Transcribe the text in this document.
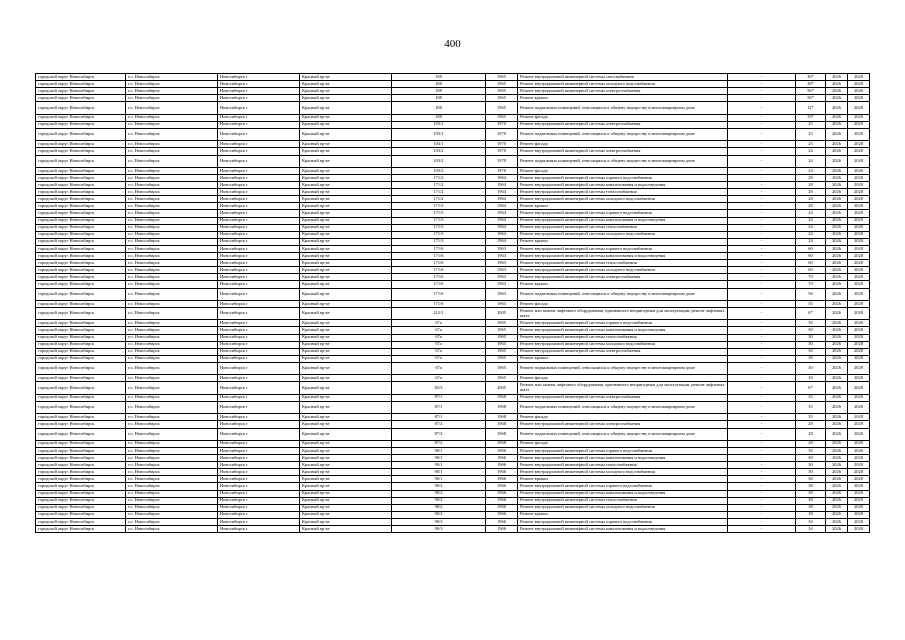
400
городской округ Новосибирск	г.о. Новосибирск	Новосибирск г	Красный пр-кт	188	1965	Ремонт внутридомовой инженерной системы газоснабжения	-	30*	2026	2028
городской округ Новосибирск	г.о. Новосибирск	Новосибирск г	Красный пр-кт	188	1965	Ремонт внутридомовой инженерной системы холодного водоснабжения	-	30*	2026	2028
городской округ Новосибирск	г.о. Новосибирск	Новосибирск г	Красный пр-кт	188	1965	Ремонт внутридомовой инженерной системы электроснабжения	-	56*	2026	2028
городской округ Новосибирск	г.о. Новосибирск	Новосибирск г	Красный пр-кт	188	1965	Ремонт крыши	-	56*	2026	2028
городской округ Новосибирск	г.о. Новосибирск	Новосибирск г	Красный пр-кт	188	1965	Ремонт подвальных помещений, относящихся к общему имуществу в многоквартирном доме	-	12*	2026	2028
городской округ Новосибирск	г.о. Новосибирск	Новосибирск г	Красный пр-кт	188	1965	Ремонт фасада	-	33*	2026	2028
городской округ Новосибирск	г.о. Новосибирск	Новосибирск г	Красный пр-кт	103/1	1970	Ремонт внутридомовой инженерной системы электроснабжения	-	25	2026	2028
городской округ Новосибирск	г.о. Новосибирск	Новосибирск г	Красный пр-кт	103/1	1970	Ремонт подвальных помещений, относящихся к общему имуществу в многоквартирном доме	-	25	2026	2028
городской округ Новосибирск	г.о. Новосибирск	Новосибирск г	Красный пр-кт	103/1	1970	Ремонт фасада	-	25	2026	2028
городской округ Новосибирск	г.о. Новосибирск	Новосибирск г	Красный пр-кт	103/2	1970	Ремонт внутридомовой инженерной системы электроснабжения	-	24	2026	2028
городской округ Новосибирск	г.о. Новосибирск	Новосибирск г	Красный пр-кт	103/2	1970	Ремонт подвальных помещений, относящихся к общему имуществу в многоквартирном доме	-	24	2026	2028
городской округ Новосибирск	г.о. Новосибирск	Новосибирск г	Красный пр-кт	103/2	1970	Ремонт фасада	-	24	2026	2028
городской округ Новосибирск	г.о. Новосибирск	Новосибирск г	Красный пр-кт	171/2	1964	Ремонт внутридомовой инженерной системы горячего водоснабжения	-	28	2026	2028
городской округ Новосибирск	г.о. Новосибирск	Новосибирск г	Красный пр-кт	171/2	1964	Ремонт внутридомовой инженерной системы канализования и водоотведения	-	28	2026	2028
городской округ Новосибирск	г.о. Новосибирск	Новосибирск г	Красный пр-кт	171/2	1964	Ремонт внутридомовой инженерной системы теплоснабжения	-	28	2026	2028
городской округ Новосибирск	г.о. Новосибирск	Новосибирск г	Красный пр-кт	171/2	1964	Ремонт внутридомовой инженерной системы холодного водоснабжения	-	28	2026	2028
городской округ Новосибирск	г.о. Новосибирск	Новосибирск г	Красный пр-кт	171/2	1964	Ремонт крыши	-	28	2026	2028
городской округ Новосибирск	г.о. Новосибирск	Новосибирск г	Красный пр-кт	171/3	1964	Ремонт внутридомовой инженерной системы горячего водоснабжения	-	24	2026	2028
городской округ Новосибирск	г.о. Новосибирск	Новосибирск г	Красный пр-кт	171/3	1964	Ремонт внутридомовой инженерной системы канализования и водоотведения	-	24	2026	2028
городской округ Новосибирск	г.о. Новосибирск	Новосибирск г	Красный пр-кт	171/3	1964	Ремонт внутридомовой инженерной системы теплоснабжения	-	24	2026	2028
городской округ Новосибирск	г.о. Новосибирск	Новосибирск г	Красный пр-кт	171/3	1964	Ремонт внутридомовой инженерной системы холодного водоснабжения	-	24	2026	2028
городской округ Новосибирск	г.о. Новосибирск	Новосибирск г	Красный пр-кт	171/3	1964	Ремонт крыши	-	24	2026	2028
городской округ Новосибирск	г.о. Новосибирск	Новосибирск г	Красный пр-кт	171/6	1963	Ремонт внутридомовой инженерной системы горячего водоснабжения	-	60	2026	2028
городской округ Новосибирск	г.о. Новосибирск	Новосибирск г	Красный пр-кт	171/6	1963	Ремонт внутридомовой инженерной системы канализования и водоотведения	-	60	2026	2028
городской округ Новосибирск	г.о. Новосибирск	Новосибирск г	Красный пр-кт	171/6	1963	Ремонт внутридомовой инженерной системы теплоснабжения	-	60	2026	2028
городской округ Новосибирск	г.о. Новосибирск	Новосибирск г	Красный пр-кт	171/6	1963	Ремонт внутридомовой инженерной системы холодного водоснабжения	-	60	2026	2028
городской округ Новосибирск	г.о. Новосибирск	Новосибирск г	Красный пр-кт	171/6	1963	Ремонт внутридомовой инженерной системы электроснабжения	-	70	2026	2028
городской округ Новосибирск	г.о. Новосибирск	Новосибирск г	Красный пр-кт	171/6	1963	Ремонт крыши	-	70	2026	2028
городской округ Новосибирск	г.о. Новосибирск	Новосибирск г	Красный пр-кт	171/6	1963	Ремонт подвальных помещений, относящихся к общему имуществу в многоквартирном доме	-	56	2026	2028
городской округ Новосибирск	г.о. Новосибирск	Новосибирск г	Красный пр-кт	171/6	1963	Ремонт фасада	-	55	2026	2028
городской округ Новосибирск	г.о. Новосибирск	Новосибирск г	Красный пр-кт	212/1	2005	Ремонт или замена лифтового оборудования, признанного непригодным для эксплуатации, ремонт лифтовых шахт	-	6*	2026	2028
городской округ Новосибирск	г.о. Новосибирск	Новосибирск г	Красный пр-кт	67а	1965	Ремонт внутридомовой инженерной системы горячего водоснабжения	-	30	2026	2028
городской округ Новосибирск	г.о. Новосибирск	Новосибирск г	Красный пр-кт	67а	1965	Ремонт внутридомовой инженерной системы канализования и водоотведения	-	30	2026	2028
городской округ Новосибирск	г.о. Новосибирск	Новосибирск г	Красный пр-кт	67а	1965	Ремонт внутридомовой инженерной системы теплоснабжения	-	30	2026	2028
городской округ Новосибирск	г.о. Новосибирск	Новосибирск г	Красный пр-кт	67а	1965	Ремонт внутридомовой инженерной системы холодного водоснабжения	-	30	2026	2028
городской округ Новосибирск	г.о. Новосибирск	Новосибирск г	Красный пр-кт	67а	1965	Ремонт внутридомовой инженерной системы электроснабжения	-	30	2026	2028
городской округ Новосибирск	г.о. Новосибирск	Новосибирск г	Красный пр-кт	67а	1965	Ремонт крыши	-	30	2026	2028
городской округ Новосибирск	г.о. Новосибирск	Новосибирск г	Красный пр-кт	67а	1965	Ремонт подвальных помещений, относящихся к общему имуществу в многоквартирном доме	-	30	2026	2028
городской округ Новосибирск	г.о. Новосибирск	Новосибирск г	Красный пр-кт	67а	1965	Ремонт фасада	-	30	2026	2028
городской округ Новосибирск	г.о. Новосибирск	Новосибирск г	Красный пр-кт	82/3	2005	Ремонт или замена лифтового оборудования, признанного непригодным для эксплуатации, ремонт лифтовых шахт	-	6*	2026	2028
городской округ Новосибирск	г.о. Новосибирск	Новосибирск г	Красный пр-кт	87/1	1968	Ремонт внутридомовой инженерной системы электроснабжения	-	35	2026	2028
городской округ Новосибирск	г.о. Новосибирск	Новосибирск г	Красный пр-кт	87/1	1968	Ремонт подвальных помещений, относящихся к общему имуществу в многоквартирном доме	-	35	2026	2028
городской округ Новосибирск	г.о. Новосибирск	Новосибирск г	Красный пр-кт	87/1	1968	Ремонт фасада	-	35	2026	2028
городской округ Новосибирск	г.о. Новосибирск	Новосибирск г	Красный пр-кт	87/2	1968	Ремонт внутридомовой инженерной системы электроснабжения	-	28	2026	2028
городской округ Новосибирск	г.о. Новосибирск	Новосибирск г	Красный пр-кт	87/2	1968	Ремонт подвальных помещений, относящихся к общему имуществу в многоквартирном доме	-	28	2026	2028
городской округ Новосибирск	г.о. Новосибирск	Новосибирск г	Красный пр-кт	87/2	1968	Ремонт фасада	-	28	2026	2028
городской округ Новосибирск	г.о. Новосибирск	Новосибирск г	Красный пр-кт	90/1	1966	Ремонт внутридомовой инженерной системы горячего водоснабжения	-	30	2026	2028
городской округ Новосибирск	г.о. Новосибирск	Новосибирск г	Красный пр-кт	90/1	1966	Ремонт внутридомовой инженерной системы канализования и водоотведения	-	30	2026	2028
городской округ Новосибирск	г.о. Новосибирск	Новосибирск г	Красный пр-кт	90/1	1966	Ремонт внутридомовой инженерной системы теплоснабжения	-	30	2026	2028
городской округ Новосибирск	г.о. Новосибирск	Новосибирск г	Красный пр-кт	90/1	1966	Ремонт внутридомовой инженерной системы холодного водоснабжения	-	30	2026	2028
городской округ Новосибирск	г.о. Новосибирск	Новосибирск г	Красный пр-кт	90/1	1966	Ремонт крыши	-	30	2026	2028
городской округ Новосибирск	г.о. Новосибирск	Новосибирск г	Красный пр-кт	90/2	1966	Ремонт внутридомовой инженерной системы горячего водоснабжения	-	38	2026	2028
городской округ Новосибирск	г.о. Новосибирск	Новосибирск г	Красный пр-кт	90/2	1966	Ремонт внутридомовой инженерной системы канализования и водоотведения	-	38	2026	2028
городской округ Новосибирск	г.о. Новосибирск	Новосибирск г	Красный пр-кт	90/2	1966	Ремонт внутридомовой инженерной системы теплоснабжения	-	38	2026	2028
городской округ Новосибирск	г.о. Новосибирск	Новосибирск г	Красный пр-кт	90/2	1966	Ремонт внутридомовой инженерной системы холодного водоснабжения	-	38	2026	2028
городской округ Новосибирск	г.о. Новосибирск	Новосибирск г	Красный пр-кт	90/2	1966	Ремонт крыши	-	38	2026	2028
городской округ Новосибирск	г.о. Новосибирск	Новосибирск г	Красный пр-кт	90/3	1966	Ремонт внутридомовой инженерной системы горячего водоснабжения	-	34	2026	2028
городской округ Новосибирск	г.о. Новосибирск	Новосибирск г	Красный пр-кт	90/3	1966	Ремонт внутридомовой инженерной системы канализования и водоотведения	-	34	2026	2028
